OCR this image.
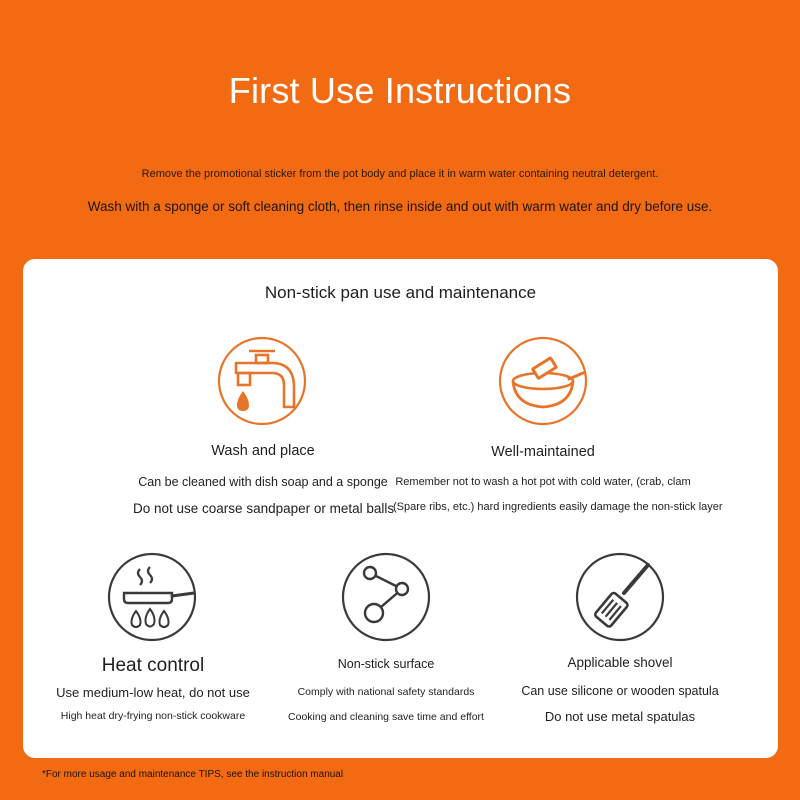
First Use Instructions
Remove the promotional sticker from the pot body and place it in warm water containing neutral detergent.
Wash with a sponge or soft cleaning cloth, then rinse inside and out with warm water and dry before use.
Non-stick pan use and maintenance
Wash and place
Can be cleaned with dish soap and a sponge
Do not use coarse sandpaper or metal balls
Well-maintained
Remember not to wash a hot pot with cold water, (crab, clam
(Spare ribs, etc.) hard ingredients easily damage the non-stick layer
Heat control
Use medium-low heat, do not use
High heat dry-frying non-stick cookware
Non-stick surface
Comply with national safety standards
Cooking and cleaning save time and effort
Applicable shovel
Can use silicone or wooden spatula
Do not use metal spatulas
*For more usage and maintenance TIPS, see the instruction manual
